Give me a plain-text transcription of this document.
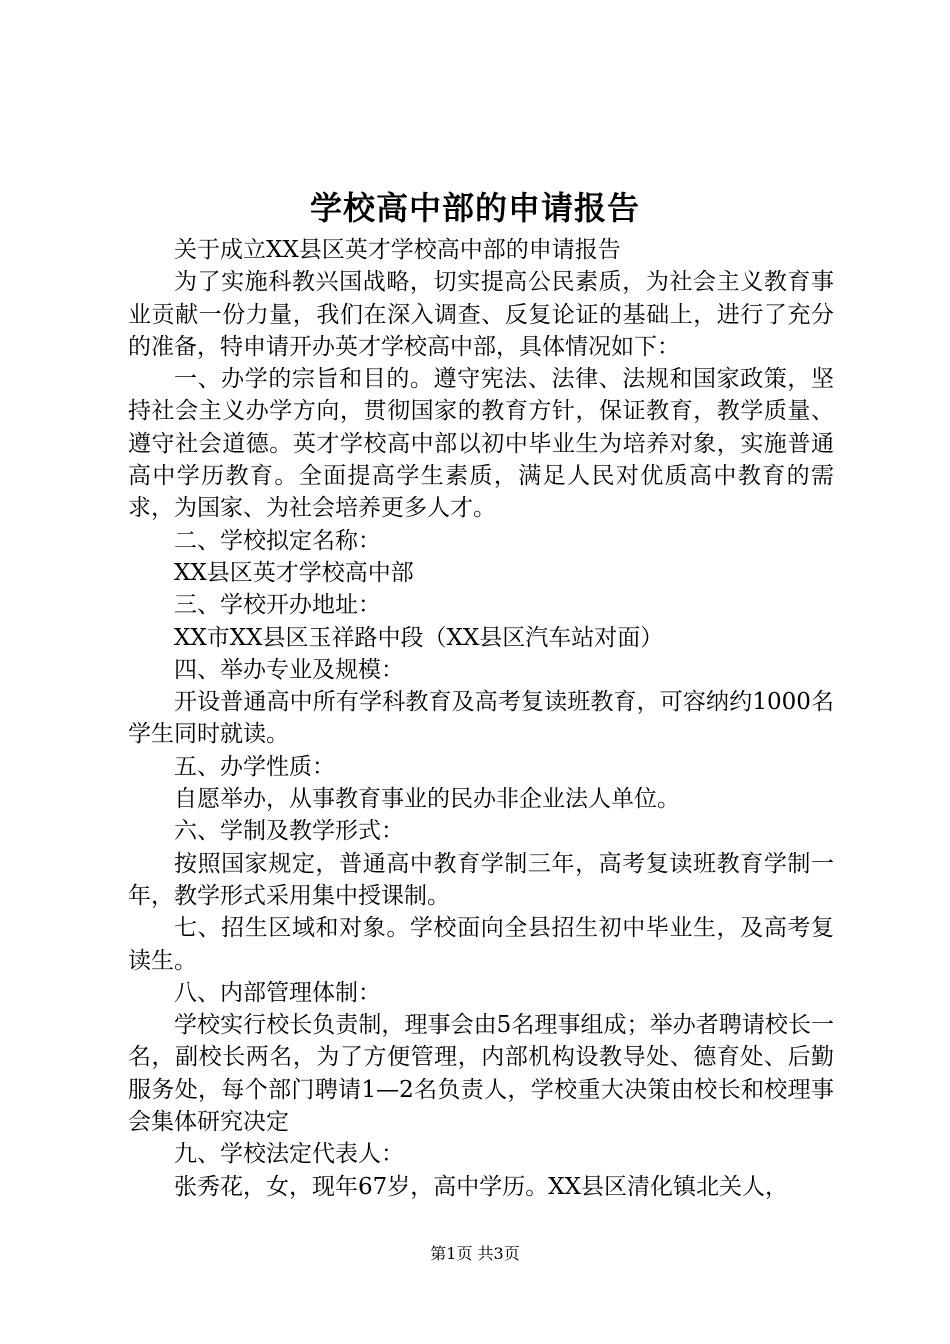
学校高中部的申请报告

关于成立XX县区英才学校高中部的申请报告

为了实施科教兴国战略，切实提高公民素质，为社会主义教育事业贡献一份力量，我们在深入调查、反复论证的基础上，进行了充分的准备，特申请开办英才学校高中部，具体情况如下：

一、办学的宗旨和目的。遵守宪法、法律、法规和国家政策，坚持社会主义办学方向，贯彻国家的教育方针，保证教育，教学质量、遵守社会道德。英才学校高中部以初中毕业生为培养对象，实施普通高中学历教育。全面提高学生素质，满足人民对优质高中教育的需求，为国家、为社会培养更多人才。

二、学校拟定名称：

XX县区英才学校高中部

三、学校开办地址：

XX市XX县区玉祥路中段（XX县区汽车站对面）

四、举办专业及规模：

开设普通高中所有学科教育及高考复读班教育，可容纳约1000名学生同时就读。

五、办学性质：

自愿举办，从事教育事业的民办非企业法人单位。

六、学制及教学形式：

按照国家规定，普通高中教育学制三年，高考复读班教育学制一年，教学形式采用集中授课制。

七、招生区域和对象。学校面向全县招生初中毕业生，及高考复读生。

八、内部管理体制：

学校实行校长负责制，理事会由5名理事组成；举办者聘请校长一名，副校长两名，为了方便管理，内部机构设教导处、德育处、后勤服务处，每个部门聘请1—2名负责人，学校重大决策由校长和校理事会集体研究决定

九、学校法定代表人：

张秀花，女，现年67岁，高中学历。XX县区清化镇北关人，

第1页 共3页
